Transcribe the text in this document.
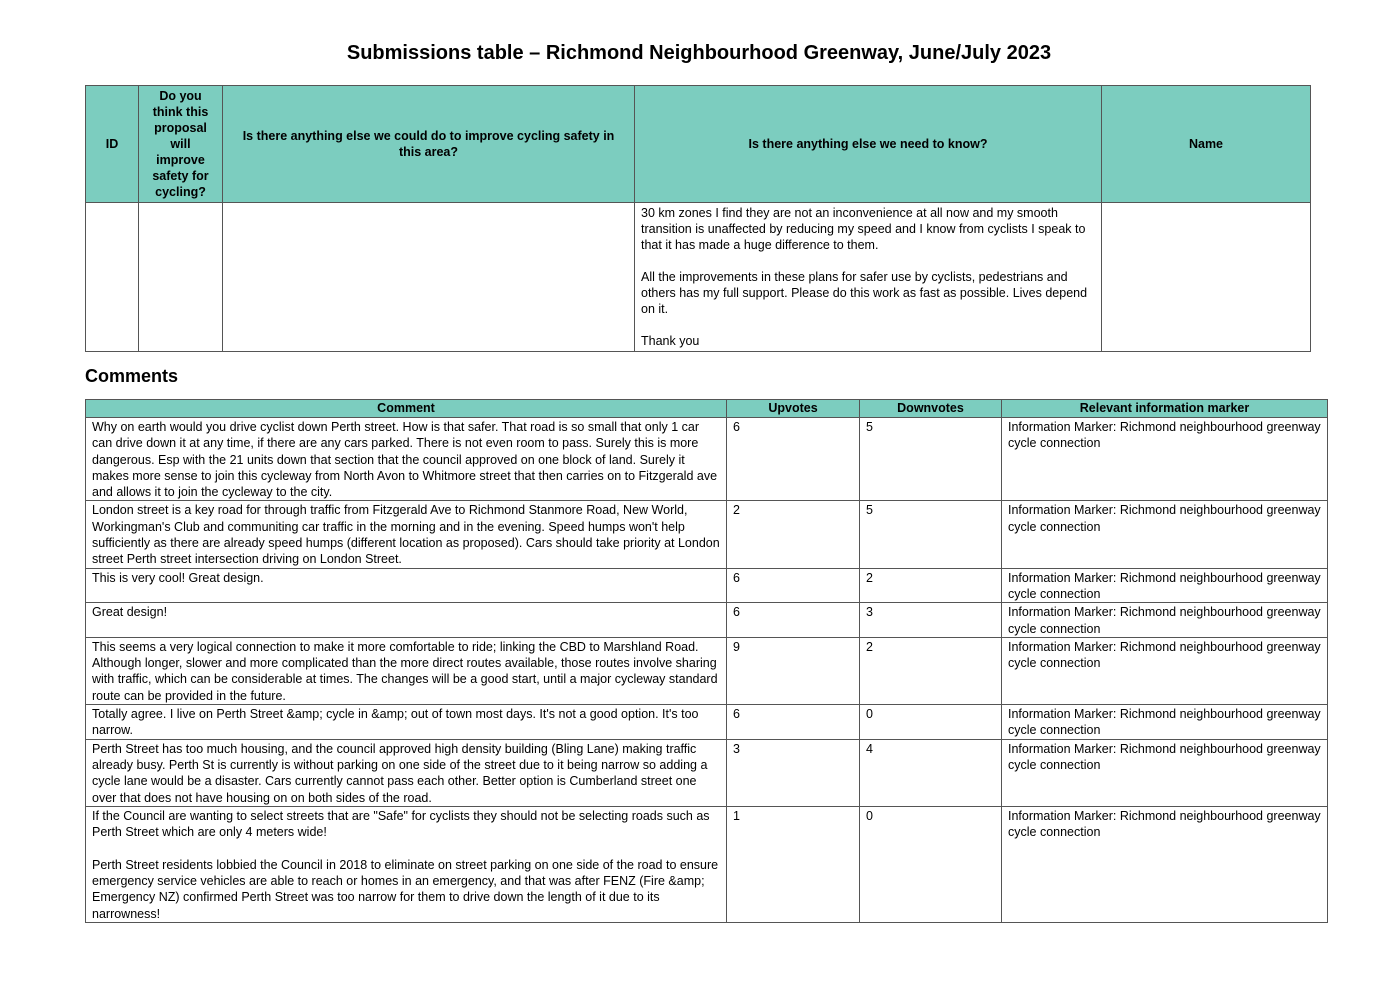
Submissions table – Richmond Neighbourhood Greenway, June/July 2023
ID	Do you think this proposal will improve safety for cycling?	Is there anything else we could do to improve cycling safety in this area?	Is there anything else we need to know?	Name
			30 km zones I find they are not an inconvenience at all now and my smooth transition is unaffected by reducing my speed and I know from cyclists I speak to that it has made a huge difference to them.

All the improvements in these plans for safer use by cyclists, pedestrians and others has my full support. Please do this work as fast as possible. Lives depend on it.

Thank you	
Comments
Comment	Upvotes	Downvotes	Relevant information marker
Why on earth would you drive cyclist down Perth street. How is that safer. That road is so small that only 1 car can drive down it at any time, if there are any cars parked. There is not even room to pass. Surely this is more dangerous. Esp with the 21 units down that section that the council approved on one block of land. Surely it makes more sense to join this cycleway from North Avon to Whitmore street that then carries on to Fitzgerald ave and allows it to join the cycleway to the city.	6	5	Information Marker: Richmond neighbourhood greenway cycle connection
London street is a key road for through traffic from Fitzgerald Ave to Richmond Stanmore Road, New World, Workingman's Club and communiting car traffic in the morning and in the evening. Speed humps won't help sufficiently as there are already speed humps (different location as proposed). Cars should take priority at London street Perth street intersection driving on London Street.	2	5	Information Marker: Richmond neighbourhood greenway cycle connection
This is very cool! Great design.	6	2	Information Marker: Richmond neighbourhood greenway cycle connection
Great design!	6	3	Information Marker: Richmond neighbourhood greenway cycle connection
This seems a very logical connection to make it more comfortable to ride; linking the CBD to Marshland Road. Although longer, slower and more complicated than the more direct routes available, those routes involve sharing with traffic, which can be considerable at times. The changes will be a good start, until a major cycleway standard route can be provided in the future.	9	2	Information Marker: Richmond neighbourhood greenway cycle connection
Totally agree. I live on Perth Street &amp; cycle in &amp; out of town most days. It's not a good option. It's too narrow.	6	0	Information Marker: Richmond neighbourhood greenway cycle connection
Perth Street has too much housing, and the council approved high density building (Bling Lane) making traffic already busy. Perth St is currently is without parking on one side of the street due to it being narrow so adding a cycle lane would be a disaster. Cars currently cannot pass each other. Better option is Cumberland street one over that does not have housing on on both sides of the road.	3	4	Information Marker: Richmond neighbourhood greenway cycle connection
If the Council are wanting to select streets that are "Safe" for cyclists they should not be selecting roads such as Perth Street which are only 4 meters wide!

Perth Street residents lobbied the Council in 2018 to eliminate on street parking on one side of the road to ensure emergency service vehicles are able to reach or homes in an emergency, and that was after FENZ (Fire &amp; Emergency NZ) confirmed Perth Street was too narrow for them to drive down the length of it due to its narrowness!	1	0	Information Marker: Richmond neighbourhood greenway cycle connection
